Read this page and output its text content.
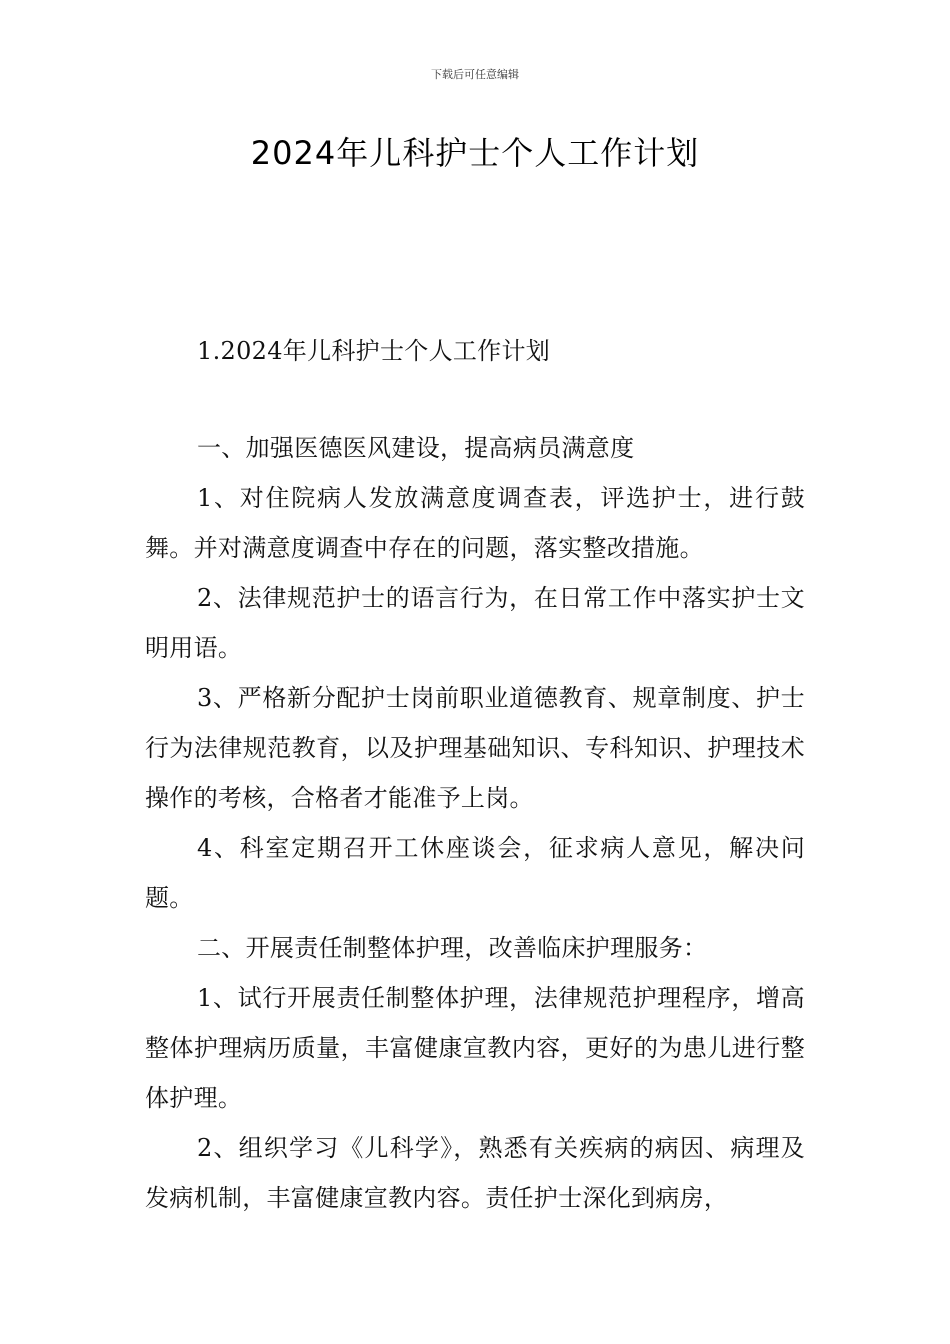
下载后可任意编辑
2024年儿科护士个人工作计划

1.2024年儿科护士个人工作计划

一、加强医德医风建设，提高病员满意度

1、对住院病人发放满意度调查表，评选护士，进行鼓舞。并对满意度调查中存在的问题，落实整改措施。

2、法律规范护士的语言行为，在日常工作中落实护士文明用语。

3、严格新分配护士岗前职业道德教育、规章制度、护士行为法律规范教育，以及护理基础知识、专科知识、护理技术操作的考核，合格者才能准予上岗。

4、科室定期召开工休座谈会，征求病人意见，解决问题。

二、开展责任制整体护理，改善临床护理服务：

1、试行开展责任制整体护理，法律规范护理程序，增高整体护理病历质量，丰富健康宣教内容，更好的为患儿进行整体护理。

2、组织学习《儿科学》，熟悉有关疾病的病因、病理及发病机制，丰富健康宣教内容。责任护士深化到病房，
